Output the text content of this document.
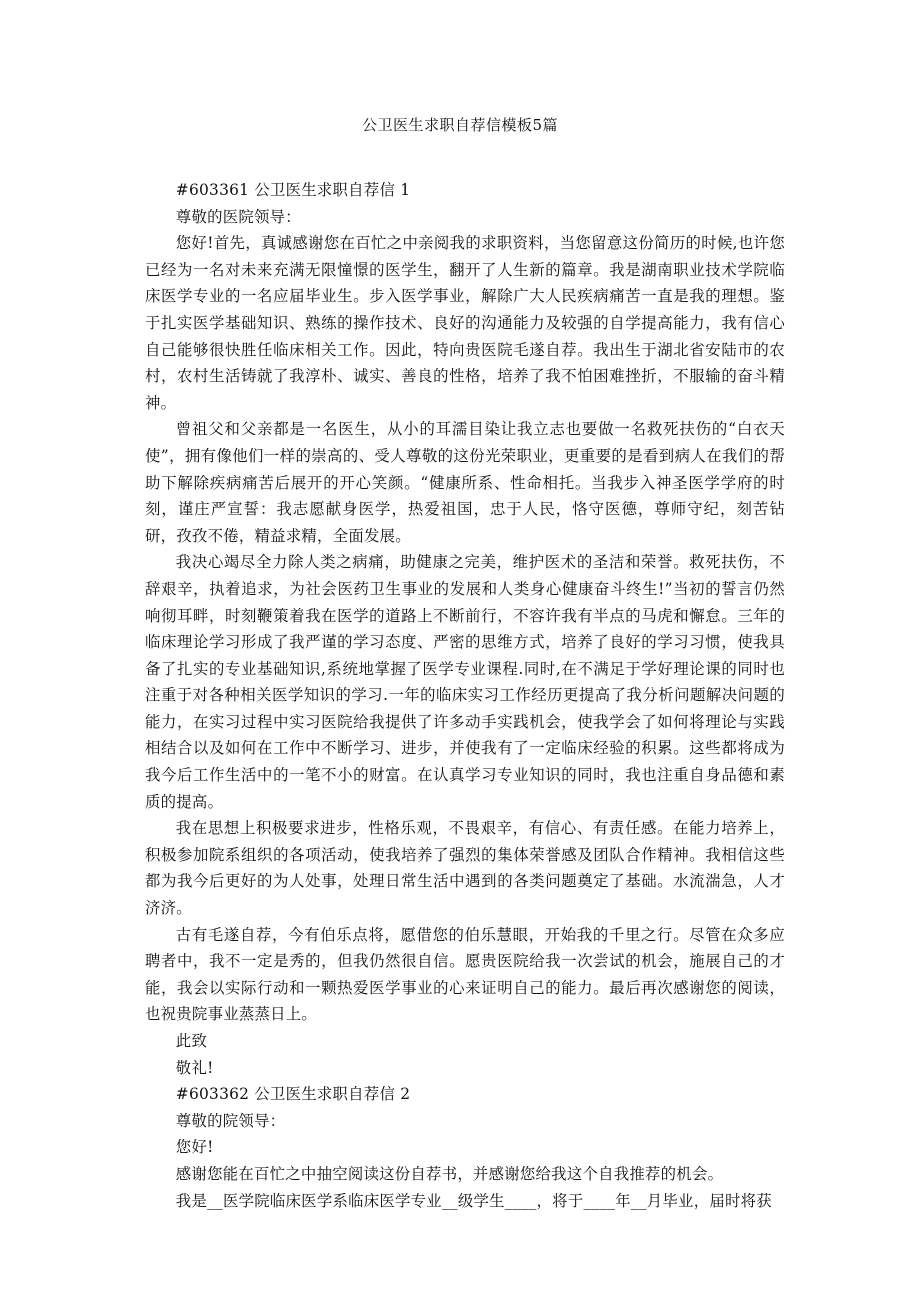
公卫医生求职自荐信模板5篇

#603361 公卫医生求职自荐信 1

尊敬的医院领导：

您好!首先，真诚感谢您在百忙之中亲阅我的求职资料，当您留意这份简历的时候,也许您已经为一名对未来充满无限憧憬的医学生，翻开了人生新的篇章。我是湖南职业技术学院临床医学专业的一名应届毕业生。步入医学事业，解除广大人民疾病痛苦一直是我的理想。鉴于扎实医学基础知识、熟练的操作技术、良好的沟通能力及较强的自学提高能力，我有信心自己能够很快胜任临床相关工作。因此，特向贵医院毛遂自荐。我出生于湖北省安陆市的农村，农村生活铸就了我淳朴、诚实、善良的性格，培养了我不怕困难挫折，不服输的奋斗精神。

曾祖父和父亲都是一名医生，从小的耳濡目染让我立志也要做一名救死扶伤的“白衣天使”，拥有像他们一样的崇高的、受人尊敬的这份光荣职业，更重要的是看到病人在我们的帮助下解除疾病痛苦后展开的开心笑颜。“健康所系、性命相托。当我步入神圣医学学府的时刻，谨庄严宣誓：我志愿献身医学，热爱祖国，忠于人民，恪守医德，尊师守纪，刻苦钻研，孜孜不倦，精益求精，全面发展。

我决心竭尽全力除人类之病痛，助健康之完美，维护医术的圣洁和荣誉。救死扶伤，不辞艰辛，执着追求，为社会医药卫生事业的发展和人类身心健康奋斗终生!”当初的誓言仍然响彻耳畔，时刻鞭策着我在医学的道路上不断前行，不容许我有半点的马虎和懈怠。三年的临床理论学习形成了我严谨的学习态度、严密的思维方式，培养了良好的学习习惯，使我具备了扎实的专业基础知识,系统地掌握了医学专业课程.同时,在不满足于学好理论课的同时也注重于对各种相关医学知识的学习.一年的临床实习工作经历更提高了我分析问题解决问题的能力，在实习过程中实习医院给我提供了许多动手实践机会，使我学会了如何将理论与实践相结合以及如何在工作中不断学习、进步，并使我有了一定临床经验的积累。这些都将成为我今后工作生活中的一笔不小的财富。在认真学习专业知识的同时，我也注重自身品德和素质的提高。

我在思想上积极要求进步，性格乐观，不畏艰辛，有信心、有责任感。在能力培养上，积极参加院系组织的各项活动，使我培养了强烈的集体荣誉感及团队合作精神。我相信这些都为我今后更好的为人处事，处理日常生活中遇到的各类问题奠定了基础。水流湍急，人才济济。

古有毛遂自荐，今有伯乐点将，愿借您的伯乐慧眼，开始我的千里之行。尽管在众多应聘者中，我不一定是秀的，但我仍然很自信。愿贵医院给我一次尝试的机会，施展自己的才能，我会以实际行动和一颗热爱医学事业的心来证明自己的能力。最后再次感谢您的阅读，也祝贵院事业蒸蒸日上。

此致

敬礼!

#603362 公卫医生求职自荐信 2

尊敬的院领导：

您好!

感谢您能在百忙之中抽空阅读这份自荐书，并感谢您给我这个自我推荐的机会。

我是__医学院临床医学系临床医学专业__级学生____，将于____年__月毕业，届时将获
